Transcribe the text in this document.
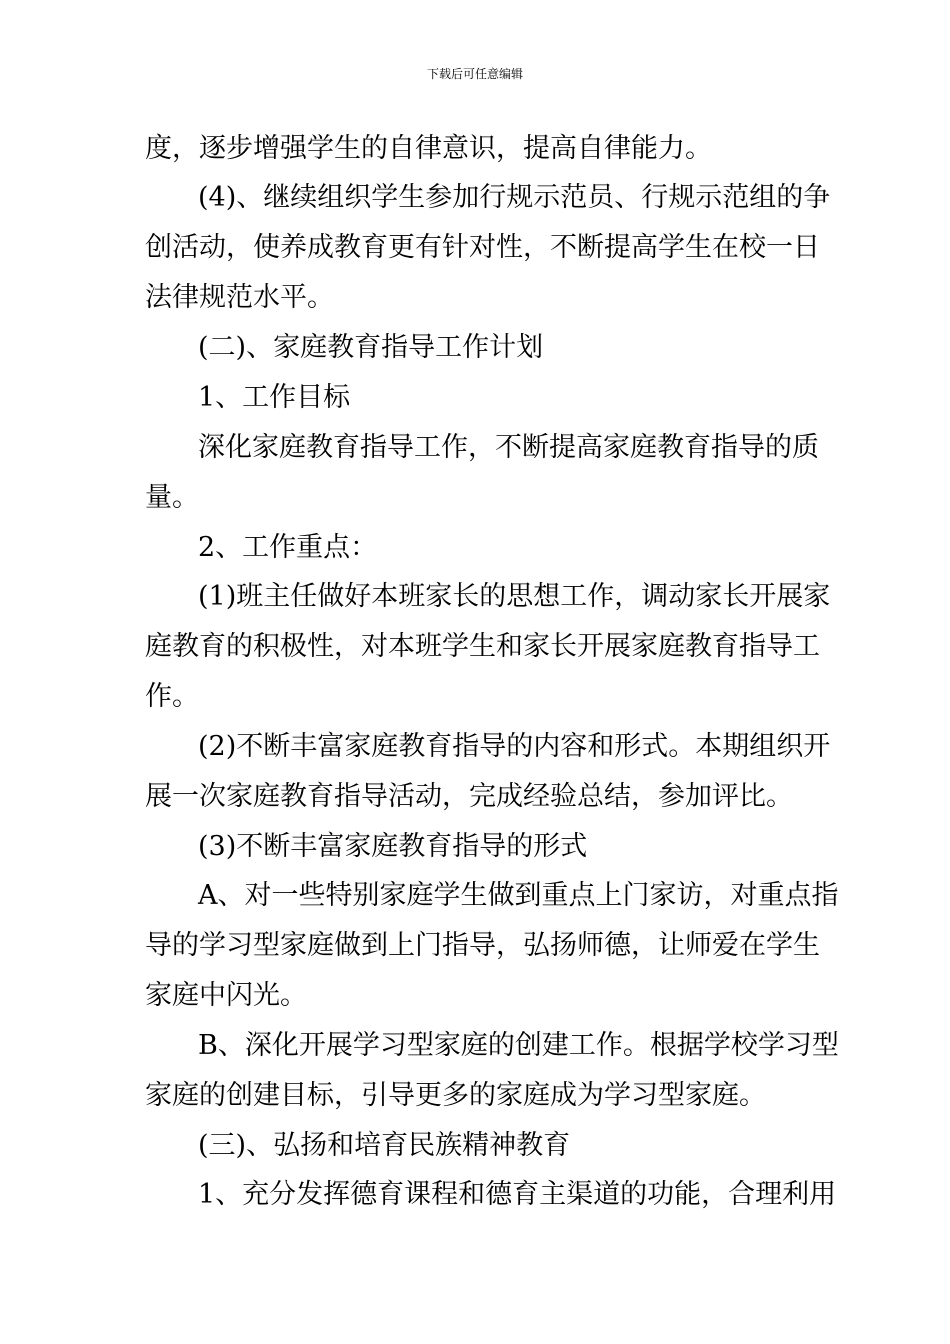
下载后可任意编辑
度，逐步增强学生的自律意识，提高自律能力。
(4)、继续组织学生参加行规示范员、行规示范组的争
创活动，使养成教育更有针对性，不断提高学生在校一日
法律规范水平。
(二)、家庭教育指导工作计划
1、工作目标
深化家庭教育指导工作，不断提高家庭教育指导的质
量。
2、工作重点：
(1)班主任做好本班家长的思想工作，调动家长开展家
庭教育的积极性，对本班学生和家长开展家庭教育指导工
作。
(2)不断丰富家庭教育指导的内容和形式。本期组织开
展一次家庭教育指导活动，完成经验总结，参加评比。
(3)不断丰富家庭教育指导的形式
A、对一些特别家庭学生做到重点上门家访，对重点指
导的学习型家庭做到上门指导，弘扬师德，让师爱在学生
家庭中闪光。
B、深化开展学习型家庭的创建工作。根据学校学习型
家庭的创建目标，引导更多的家庭成为学习型家庭。
(三)、弘扬和培育民族精神教育
1、充分发挥德育课程和德育主渠道的功能，合理利用
